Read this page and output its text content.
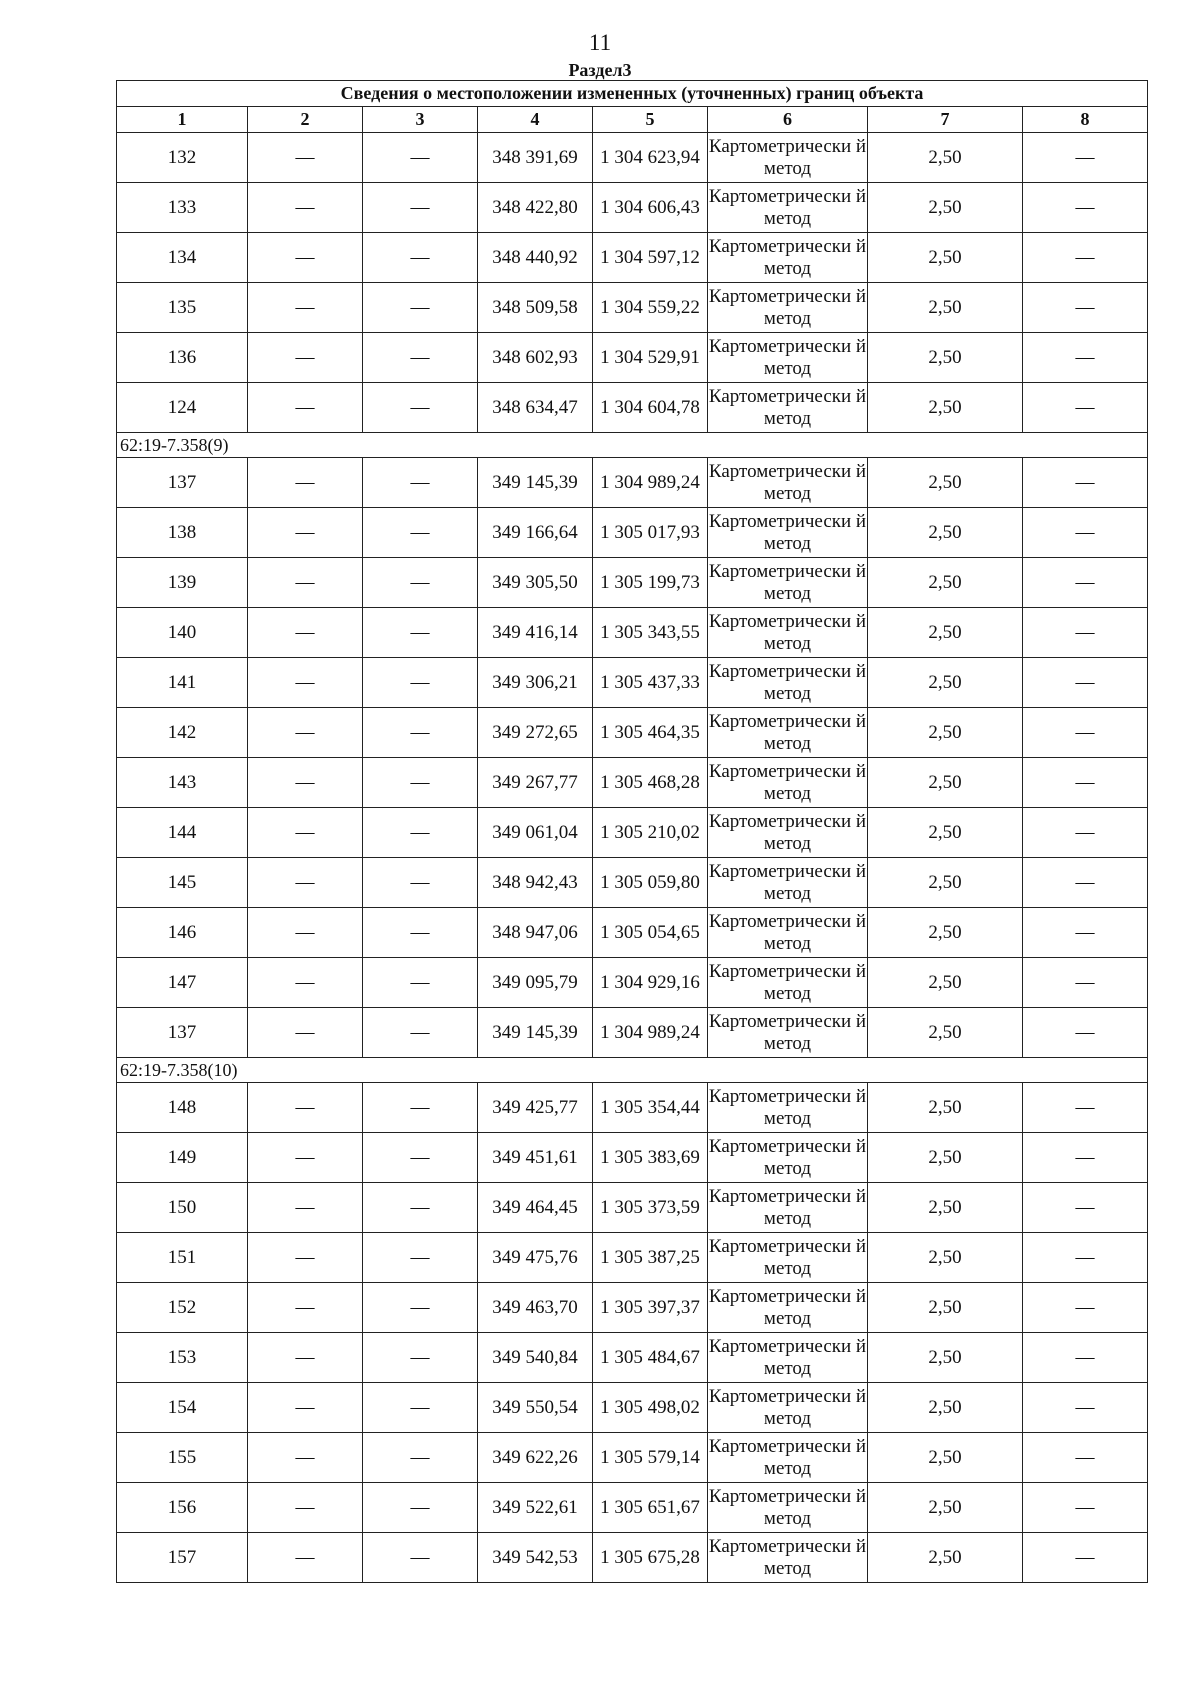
11
Раздел3
Сведения о местоположении измененных (уточненных) границ объекта							
1	2	3	4	5	6	7	8
132	—	—	348 391,69	1 304 623,94	Картометрически й метод	2,50	—
133	—	—	348 422,80	1 304 606,43	Картометрически й метод	2,50	—
134	—	—	348 440,92	1 304 597,12	Картометрически й метод	2,50	—
135	—	—	348 509,58	1 304 559,22	Картометрически й метод	2,50	—
136	—	—	348 602,93	1 304 529,91	Картометрически й метод	2,50	—
124	—	—	348 634,47	1 304 604,78	Картометрически й метод	2,50	—
62:19-7.358(9)							
137	—	—	349 145,39	1 304 989,24	Картометрически й метод	2,50	—
138	—	—	349 166,64	1 305 017,93	Картометрически й метод	2,50	—
139	—	—	349 305,50	1 305 199,73	Картометрически й метод	2,50	—
140	—	—	349 416,14	1 305 343,55	Картометрически й метод	2,50	—
141	—	—	349 306,21	1 305 437,33	Картометрически й метод	2,50	—
142	—	—	349 272,65	1 305 464,35	Картометрически й метод	2,50	—
143	—	—	349 267,77	1 305 468,28	Картометрически й метод	2,50	—
144	—	—	349 061,04	1 305 210,02	Картометрически й метод	2,50	—
145	—	—	348 942,43	1 305 059,80	Картометрически й метод	2,50	—
146	—	—	348 947,06	1 305 054,65	Картометрически й метод	2,50	—
147	—	—	349 095,79	1 304 929,16	Картометрически й метод	2,50	—
137	—	—	349 145,39	1 304 989,24	Картометрически й метод	2,50	—
62:19-7.358(10)							
148	—	—	349 425,77	1 305 354,44	Картометрически й метод	2,50	—
149	—	—	349 451,61	1 305 383,69	Картометрически й метод	2,50	—
150	—	—	349 464,45	1 305 373,59	Картометрически й метод	2,50	—
151	—	—	349 475,76	1 305 387,25	Картометрически й метод	2,50	—
152	—	—	349 463,70	1 305 397,37	Картометрически й метод	2,50	—
153	—	—	349 540,84	1 305 484,67	Картометрически й метод	2,50	—
154	—	—	349 550,54	1 305 498,02	Картометрически й метод	2,50	—
155	—	—	349 622,26	1 305 579,14	Картометрически й метод	2,50	—
156	—	—	349 522,61	1 305 651,67	Картометрически й метод	2,50	—
157	—	—	349 542,53	1 305 675,28	Картометрически й метод	2,50	—
